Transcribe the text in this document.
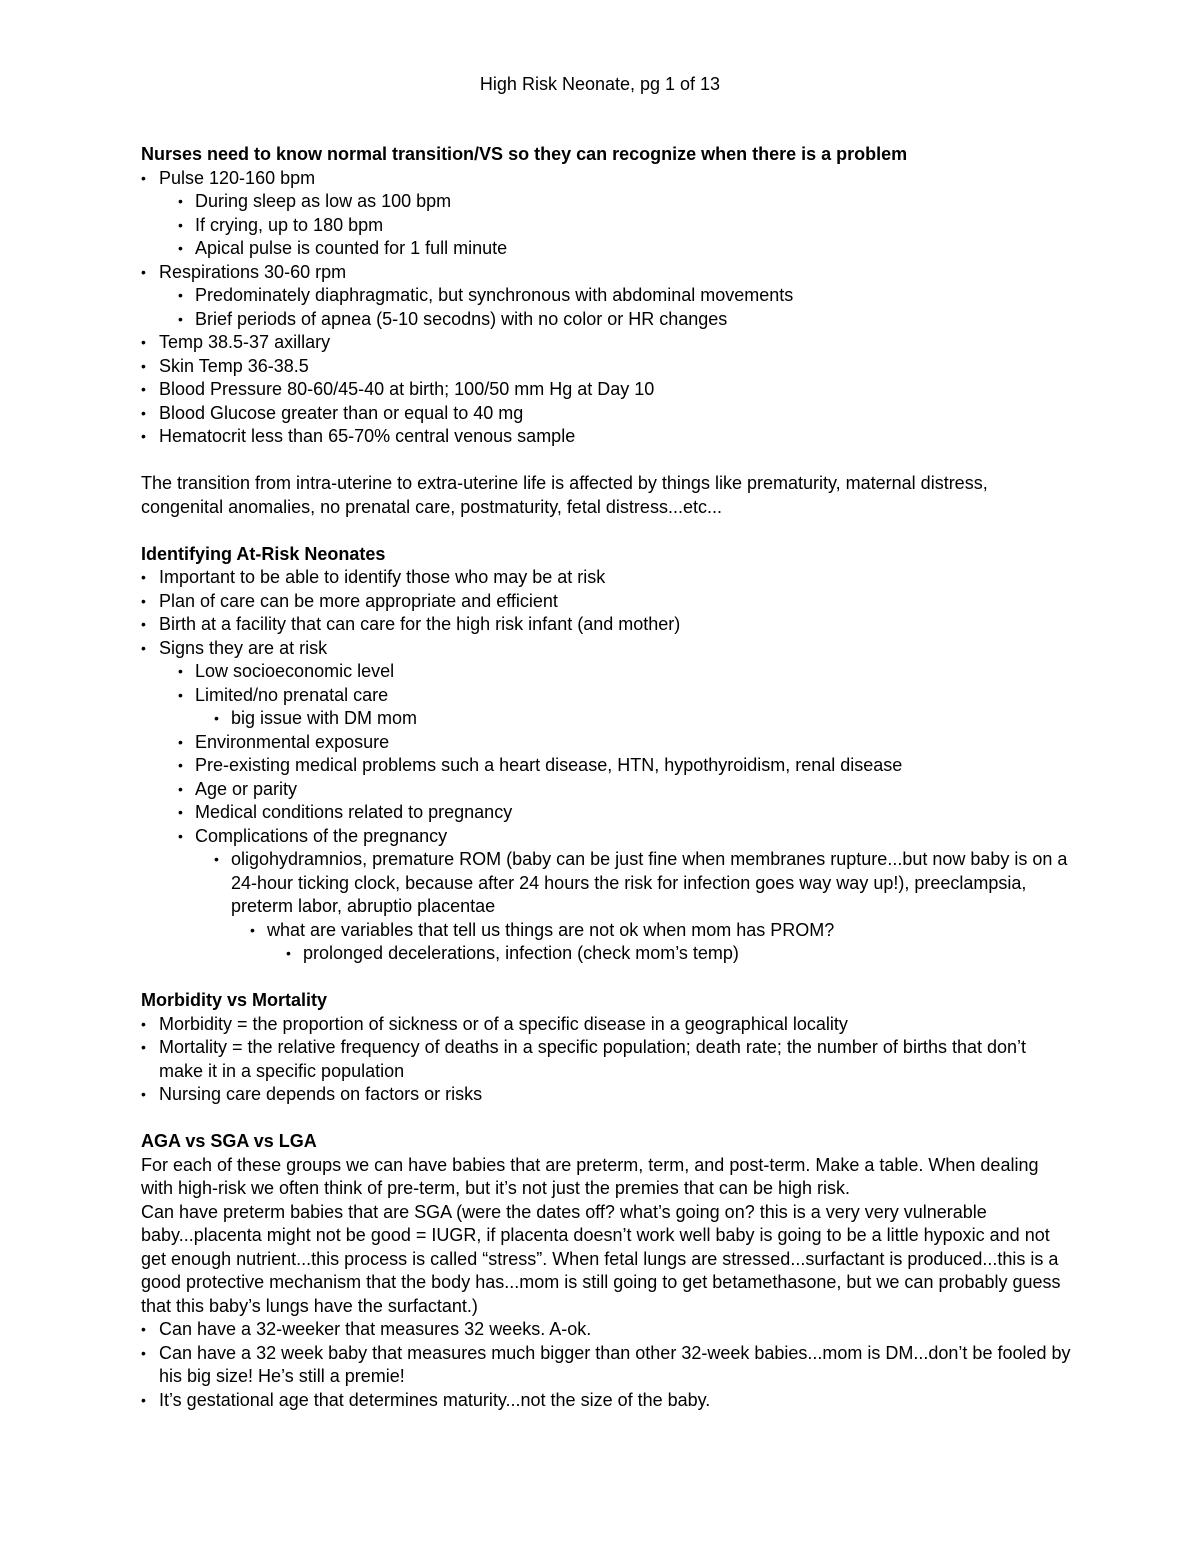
High Risk Neonate, pg 1 of 13
Nurses need to know normal transition/VS so they can recognize when there is a problem
• Pulse 120-160 bpm
• During sleep as low as 100 bpm
• If crying, up to 180 bpm
• Apical pulse is counted for 1 full minute
• Respirations 30-60 rpm
• Predominately diaphragmatic, but synchronous with abdominal movements
• Brief periods of apnea (5-10 secodns) with no color or HR changes
• Temp 38.5-37 axillary
• Skin Temp 36-38.5
• Blood Pressure 80-60/45-40 at birth; 100/50 mm Hg at Day 10
• Blood Glucose greater than or equal to 40 mg
• Hematocrit less than 65-70% central venous sample

The transition from intra-uterine to extra-uterine life is affected by things like prematurity, maternal distress, congenital anomalies, no prenatal care, postmaturity, fetal distress...etc...

Identifying At-Risk Neonates
• Important to be able to identify those who may be at risk
• Plan of care can be more appropriate and efficient
• Birth at a facility that can care for the high risk infant (and mother)
• Signs they are at risk
• Low socioeconomic level
• Limited/no prenatal care
• big issue with DM mom
• Environmental exposure
• Pre-existing medical problems such a heart disease, HTN, hypothyroidism, renal disease
• Age or parity
• Medical conditions related to pregnancy
• Complications of the pregnancy
• oligohydramnios, premature ROM (baby can be just fine when membranes rupture...but now baby is on a 24-hour ticking clock, because after 24 hours the risk for infection goes way way up!), preeclampsia, preterm labor, abruptio placentae
• what are variables that tell us things are not ok when mom has PROM?
• prolonged decelerations, infection (check mom’s temp)
Morbidity vs Mortality
• Morbidity = the proportion of sickness or of a specific disease in a geographical locality
• Mortality = the relative frequency of deaths in a specific population; death rate; the number of births that don’t make it in a specific population
• Nursing care depends on factors or risks
AGA vs SGA vs LGA

For each of these groups we can have babies that are preterm, term, and post-term. Make a table. When dealing with high-risk we often think of pre-term, but it’s not just the premies that can be high risk.

Can have preterm babies that are SGA (were the dates off? what’s going on? this is a very very vulnerable baby...placenta might not be good = IUGR, if placenta doesn’t work well baby is going to be a little hypoxic and not get enough nutrient...this process is called “stress”. When fetal lungs are stressed...surfactant is produced...this is a good protective mechanism that the body has...mom is still going to get betamethasone, but we can probably guess that this baby’s lungs have the surfactant.)

• Can have a 32-weeker that measures 32 weeks. A-ok.
• Can have a 32 week baby that measures much bigger than other 32-week babies...mom is DM...don’t be fooled by his big size! He’s still a premie!
• It’s gestational age that determines maturity...not the size of the baby.
